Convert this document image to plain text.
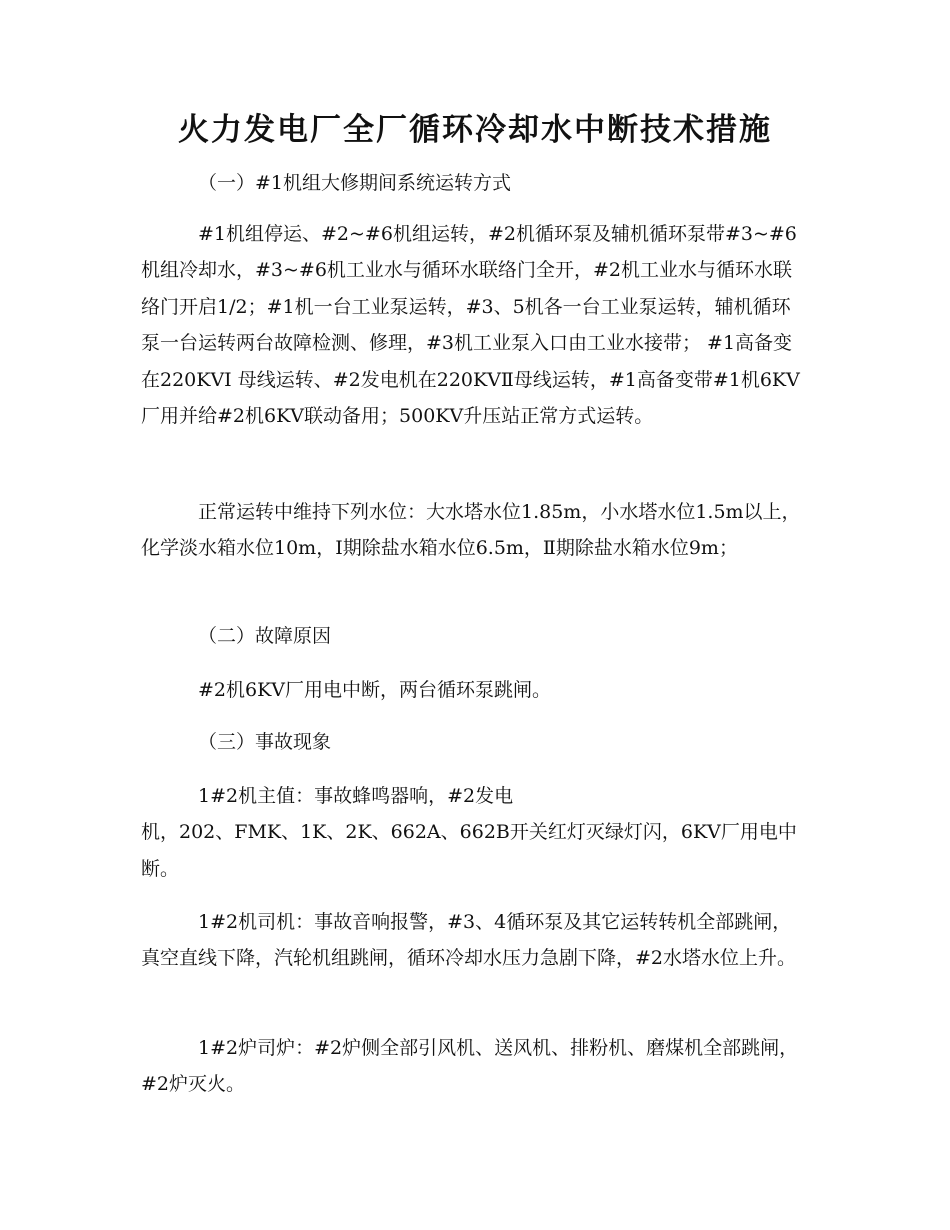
火力发电厂全厂循环冷却水中断技术措施

（一）#1机组大修期间系统运转方式

#1机组停运、#2~#6机组运转，#2机循环泵及辅机循环泵带#3~#6机组冷却水，#3~#6机工业水与循环水联络门全开，#2机工业水与循环水联络门开启1/2；#1机一台工业泵运转，#3、5机各一台工业泵运转，辅机循环泵一台运转两台故障检测、修理，#3机工业泵入口由工业水接带； #1高备变在220KVⅠ 母线运转、#2发电机在220KVⅡ母线运转，#1高备变带#1机6KV厂用并给#2机6KV联动备用；500KV升压站正常方式运转。

正常运转中维持下列水位：大水塔水位1.85m，小水塔水位1.5m以上，化学淡水箱水位10m，Ⅰ期除盐水箱水位6.5m，Ⅱ期除盐水箱水位9m；

（二）故障原因

#2机6KV厂用电中断，两台循环泵跳闸。

（三）事故现象

1#2机主值：事故蜂鸣器响，#2发电
机，202、FMK、1K、2K、662A、662B开关红灯灭绿灯闪，6KV厂用电中断。

1#2机司机：事故音响报警，#3、4循环泵及其它运转转机全部跳闸，真空直线下降，汽轮机组跳闸，循环冷却水压力急剧下降，#2水塔水位上升。

1#2炉司炉：#2炉侧全部引风机、送风机、排粉机、磨煤机全部跳闸，#2炉灭火。
